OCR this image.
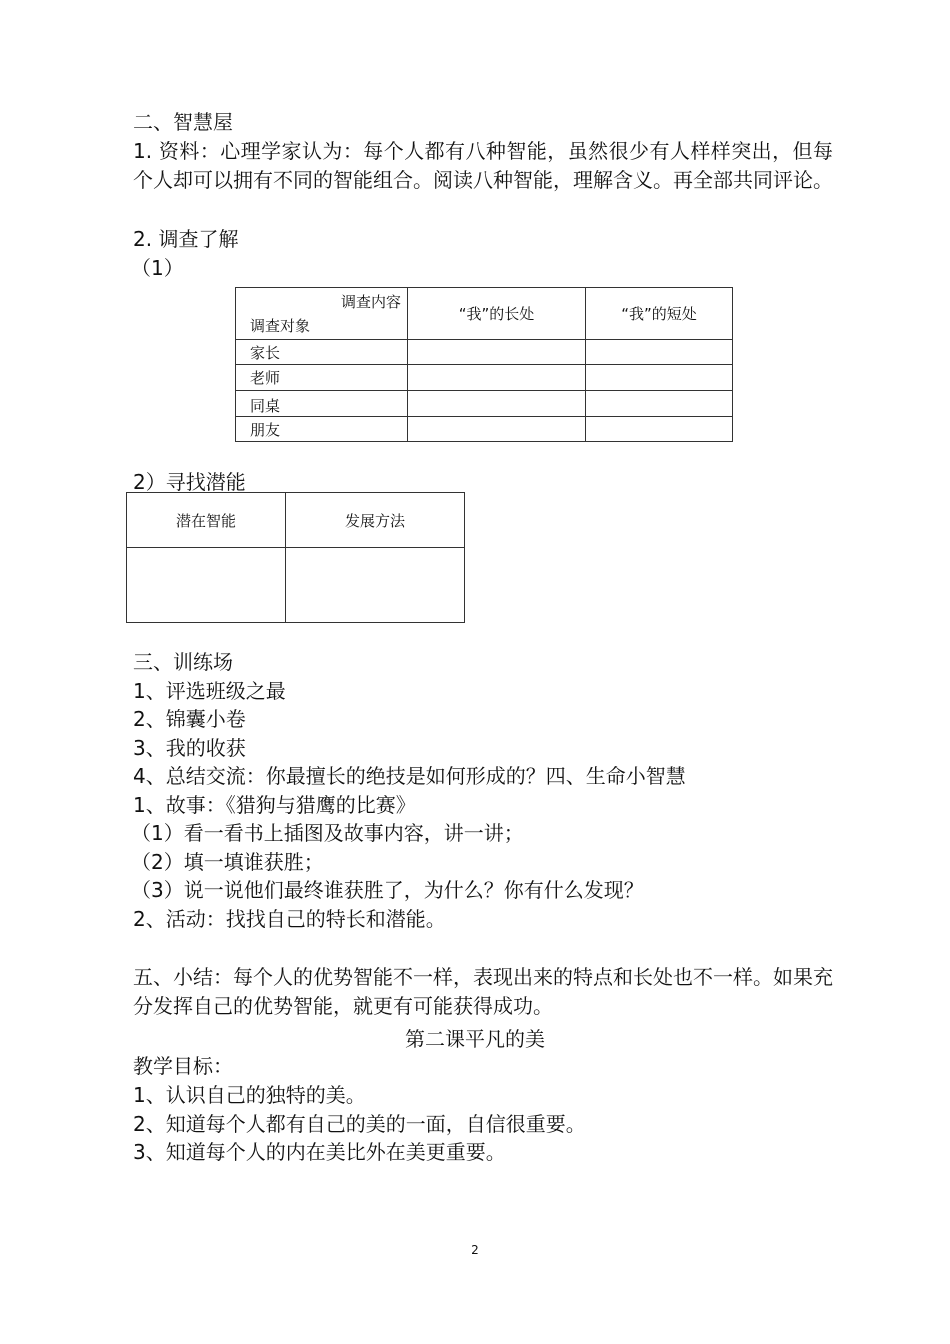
二、智慧屋
1. 资料：心理学家认为：每个人都有八种智能，虽然很少有人样样突出，但每个人却可以拥有不同的智能组合。阅读八种智能，理解含义。再全部共同评论。
2. 调查了解
（1）
调查内容
调查对象	“我”的长处	“我”的短处
家长		
老师		
同桌		
朋友		
2）寻找潜能
潜在智能	发展方法

三、训练场
1、评选班级之最
2、锦囊小卷
3、我的收获
4、总结交流：你最擅长的绝技是如何形成的？四、生命小智慧
1、故事：《猎狗与猎鹰的比赛》
（1）看一看书上插图及故事内容，讲一讲；
（2）填一填谁获胜；
（3）说一说他们最终谁获胜了，为什么？你有什么发现？
2、活动：找找自己的特长和潜能。
五、小结：每个人的优势智能不一样，表现出来的特点和长处也不一样。如果充分发挥自己的优势智能，就更有可能获得成功。
第二课平凡的美
教学目标：
1、认识自己的独特的美。
2、知道每个人都有自己的美的一面，自信很重要。
3、知道每个人的内在美比外在美更重要。
2
